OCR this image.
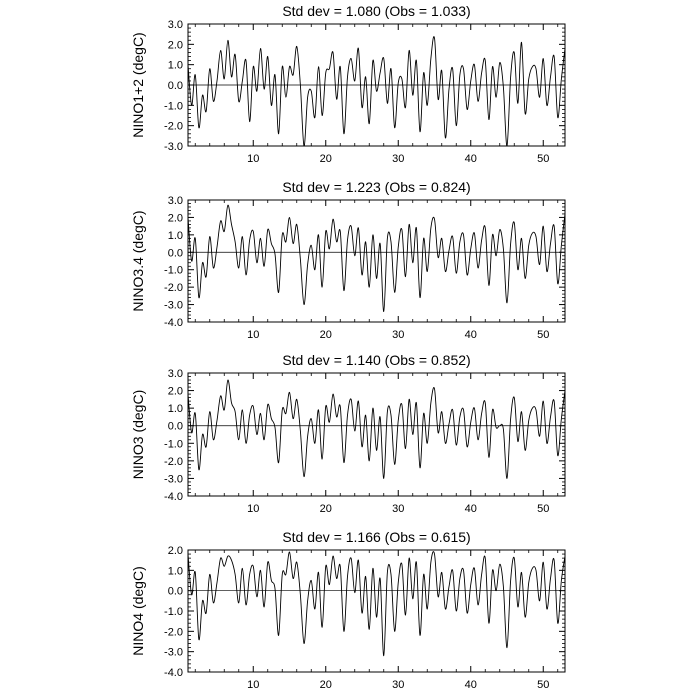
Std dev = 1.080 (Obs = 1.033)
NINO1+2 (degC)
-3.0
-2.0
-1.0
0.0
1.0
2.0
3.0
10	20	30	40	50
Std dev = 1.223 (Obs = 0.824)
NINO3.4 (degC)
-4.0
-3.0
-2.0
-1.0
0.0
1.0
2.0
3.0
10	20	30	40	50
Std dev = 1.140 (Obs = 0.852)
NINO3 (degC)
-4.0
-3.0
-2.0
-1.0
0.0
1.0
2.0
3.0
10	20	30	40	50
Std dev = 1.166 (Obs = 0.615)
NINO4 (degC)
-4.0
-3.0
-2.0
-1.0
0.0
1.0
2.0
10	20	30	40	50
